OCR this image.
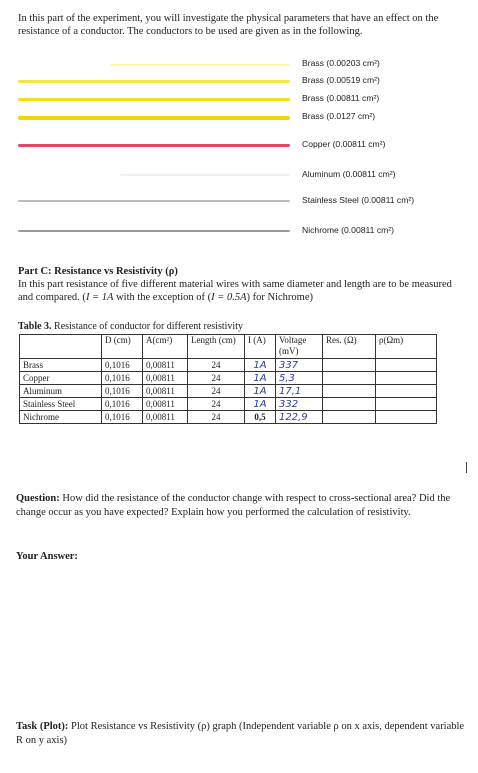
In this part of the experiment, you will investigate the physical parameters that have an effect on the resistance of a conductor. The conductors to be used are given as in the following.
Brass (0.00203 cm²)
Brass (0.00519 cm²)
Brass (0.00811 cm²)
Brass (0.0127 cm²)
Copper (0.00811 cm²)
Aluminum (0.00811 cm²)
Stainless Steel (0.00811 cm²)
Nichrome (0.00811 cm²)
Part C: Resistance vs Resistivity (ρ)
In this part resistance of five different material wires with same diameter and length are to be measured and compared. (I = 1A with the exception of (I = 0.5A) for Nichrome)
Table 3. Resistance of conductor for different resistivity
	D (cm)	A(cm²)	Length (cm)	I (A)	Voltage (mV)	Res. (Ω)	ρ(Ωm)
Brass	0,1016	0,00811	24	1A	337		
Copper	0,1016	0,00811	24	1A	5,3		
Aluminum	0,1016	0,00811	24	1A	17,1		
Stainless Steel	0,1016	0,00811	24	1A	332		
Nichrome	0,1016	0,00811	24	0,5	122,9		
Question: How did the resistance of the conductor change with respect to cross-sectional area? Did the change occur as you have expected? Explain how you performed the calculation of resistivity.
Your Answer:
Task (Plot): Plot Resistance vs Resistivity (ρ) graph (Independent variable ρ on x axis, dependent variable R on y axis)
